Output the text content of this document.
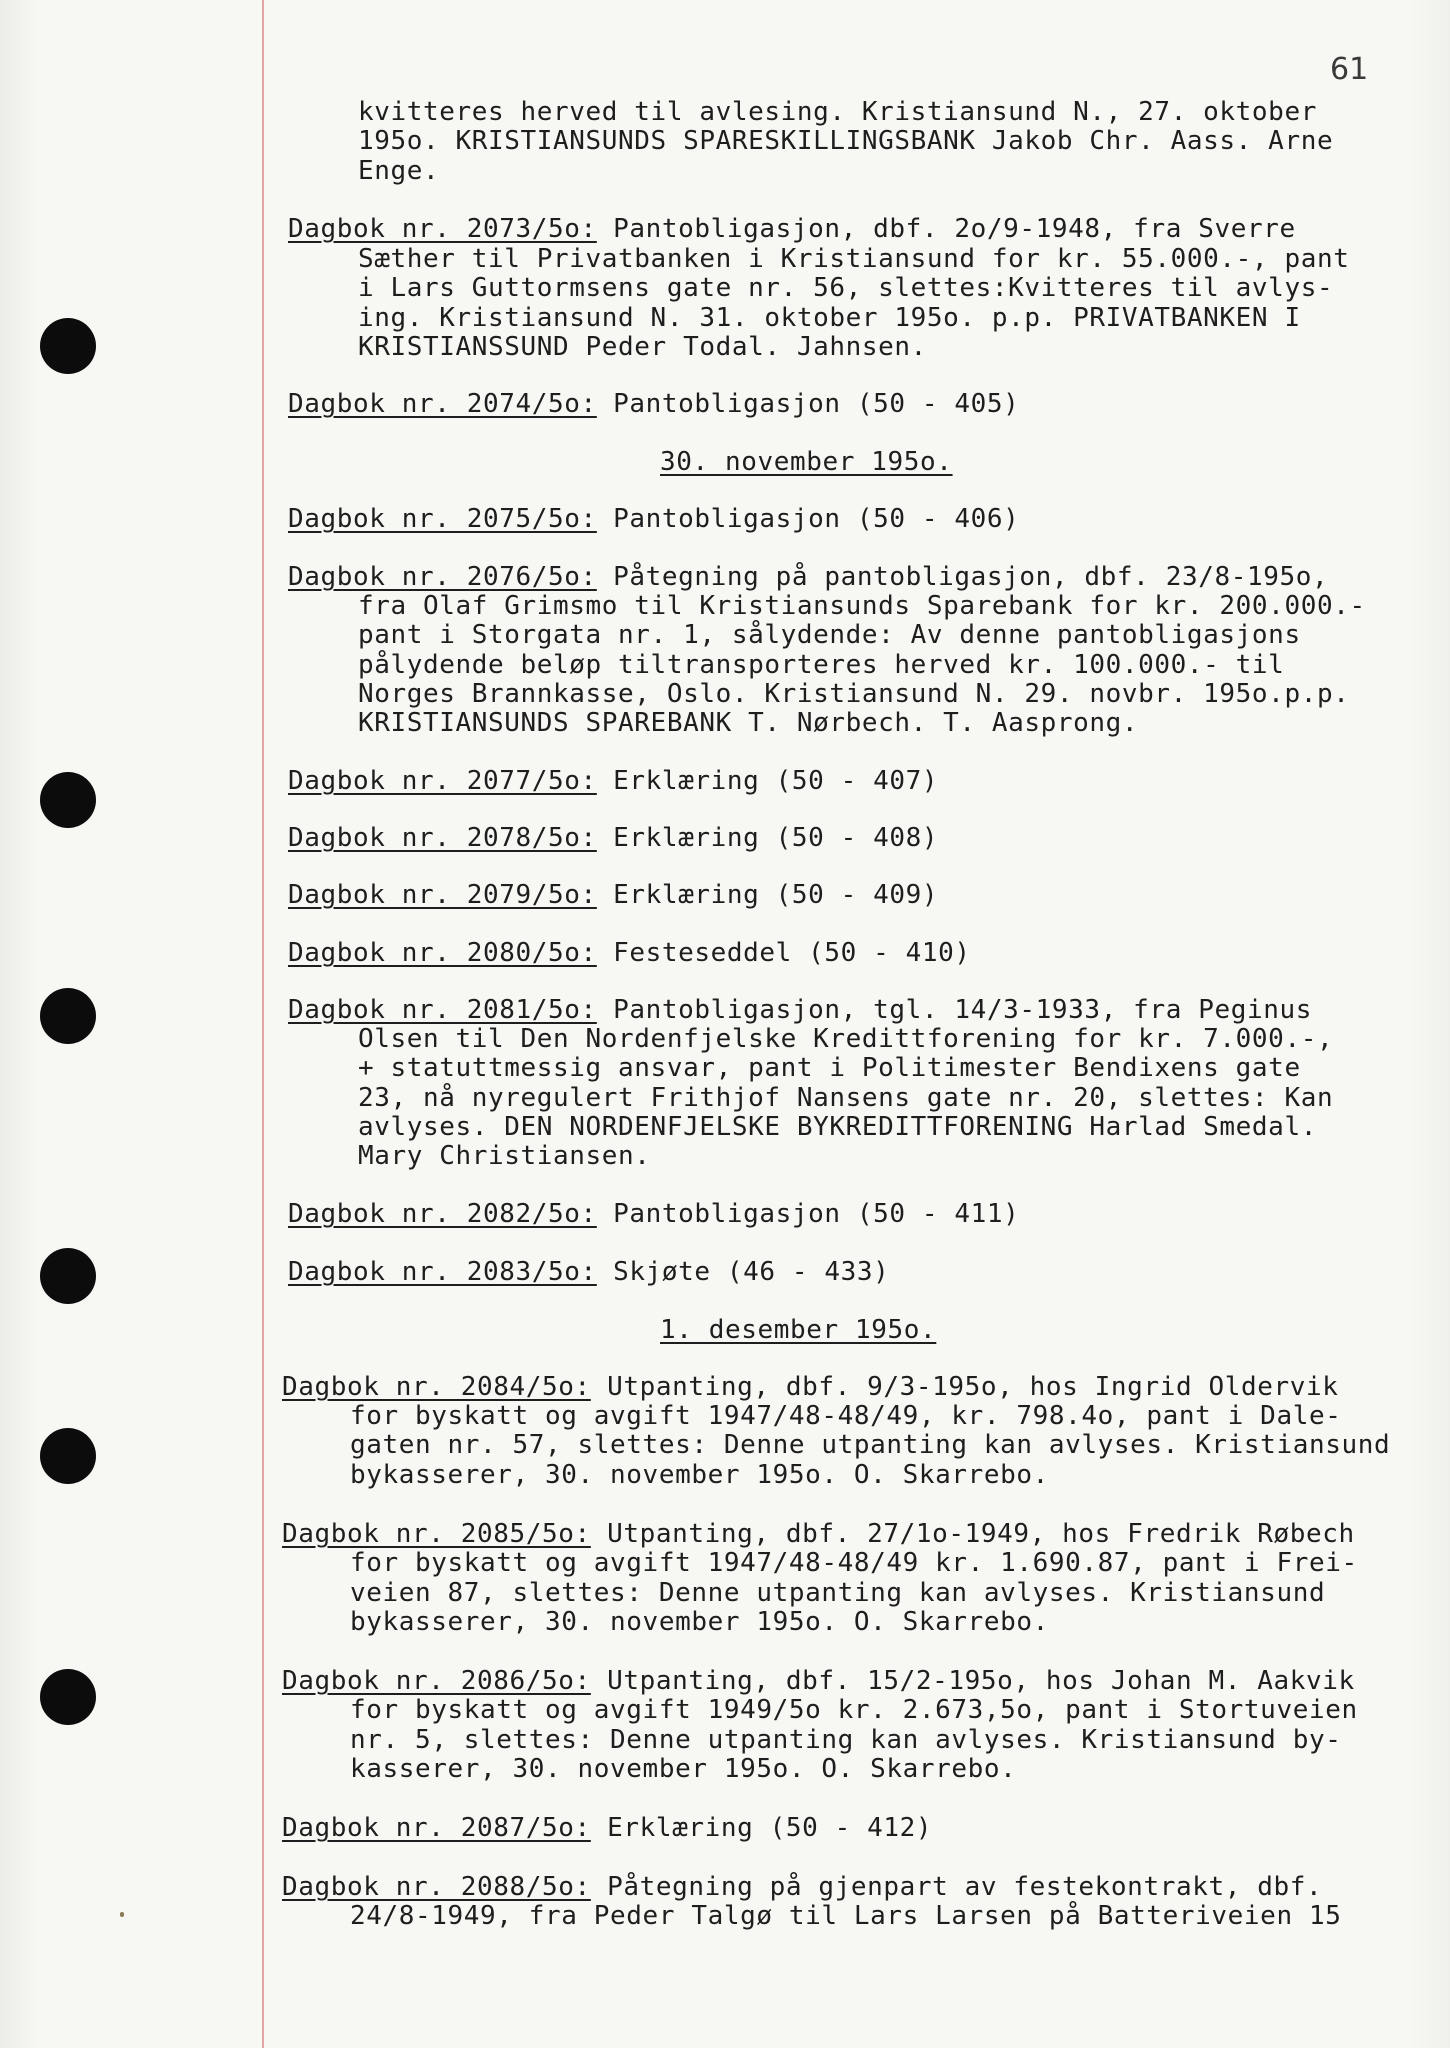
61
kvitteres herved til avlesing. Kristiansund N., 27. oktober
195o. KRISTIANSUNDS SPARESKILLINGSBANK Jakob Chr. Aass. Arne
Enge.
Dagbok nr. 2073/5o: Pantobligasjon, dbf. 2o/9-1948, fra Sverre
Sæther til Privatbanken i Kristiansund for kr. 55.000.-, pant
i Lars Guttormsens gate nr. 56, slettes:Kvitteres til avlys-
ing. Kristiansund N. 31. oktober 195o. p.p. PRIVATBANKEN I
KRISTIANSSUND Peder Todal. Jahnsen.
Dagbok nr. 2074/5o: Pantobligasjon (50 - 405)
Dagbok nr. 2075/5o: Pantobligasjon (50 - 406)
Dagbok nr. 2076/5o: Påtegning på pantobligasjon, dbf. 23/8-195o,
fra Olaf Grimsmo til Kristiansunds Sparebank for kr. 200.000.-
pant i Storgata nr. 1, sålydende: Av denne pantobligasjons
pålydende beløp tiltransporteres herved kr. 100.000.- til
Norges Brannkasse, Oslo. Kristiansund N. 29. novbr. 195o.p.p.
KRISTIANSUNDS SPAREBANK T. Nørbech. T. Aasprong.
Dagbok nr. 2077/5o: Erklæring (50 - 407)
Dagbok nr. 2078/5o: Erklæring (50 - 408)
Dagbok nr. 2079/5o: Erklæring (50 - 409)
Dagbok nr. 2080/5o: Festeseddel (50 - 410)
Dagbok nr. 2081/5o: Pantobligasjon, tgl. 14/3-1933, fra Peginus
Olsen til Den Nordenfjelske Kredittforening for kr. 7.000.-,
+ statuttmessig ansvar, pant i Politimester Bendixens gate
23, nå nyregulert Frithjof Nansens gate nr. 20, slettes: Kan
avlyses. DEN NORDENFJELSKE BYKREDITTFORENING Harlad Smedal.
Mary Christiansen.
Dagbok nr. 2082/5o: Pantobligasjon (50 - 411)
Dagbok nr. 2083/5o: Skjøte (46 - 433)
Dagbok nr. 2084/5o: Utpanting, dbf. 9/3-195o, hos Ingrid Oldervik
for byskatt og avgift 1947/48-48/49, kr. 798.4o, pant i Dale-
gaten nr. 57, slettes: Denne utpanting kan avlyses. Kristiansund
bykasserer, 30. november 195o. O. Skarrebo.
Dagbok nr. 2085/5o: Utpanting, dbf. 27/1o-1949, hos Fredrik Røbech
for byskatt og avgift 1947/48-48/49 kr. 1.690.87, pant i Frei-
veien 87, slettes: Denne utpanting kan avlyses. Kristiansund
bykasserer, 30. november 195o. O. Skarrebo.
Dagbok nr. 2086/5o: Utpanting, dbf. 15/2-195o, hos Johan M. Aakvik
for byskatt og avgift 1949/5o kr. 2.673,5o, pant i Stortuveien
nr. 5, slettes: Denne utpanting kan avlyses. Kristiansund by-
kasserer, 30. november 195o. O. Skarrebo.
Dagbok nr. 2087/5o: Erklæring (50 - 412)
Dagbok nr. 2088/5o: Påtegning på gjenpart av festekontrakt, dbf.
24/8-1949, fra Peder Talgø til Lars Larsen på Batteriveien 15
30. november 195o.
1. desember 195o.
